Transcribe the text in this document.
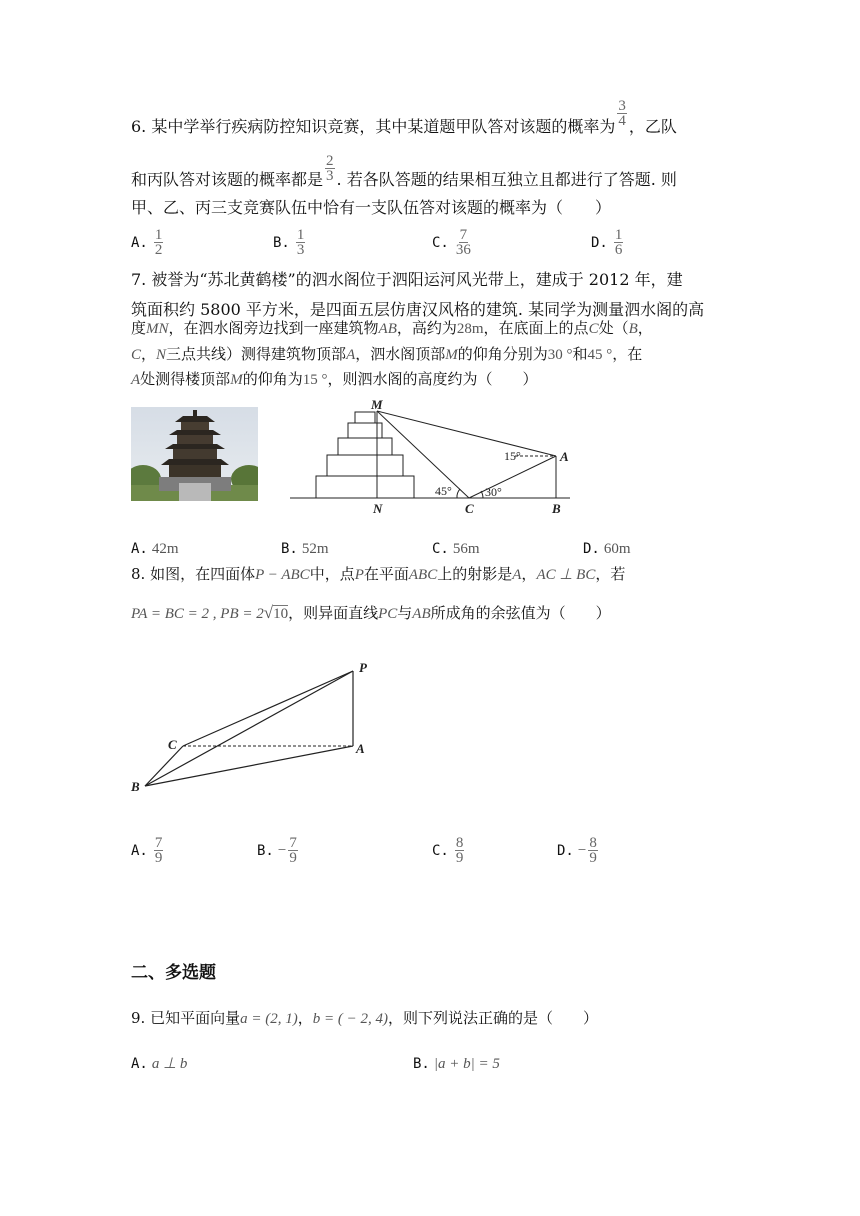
6. 某中学举行疾病防控知识竞赛，其中某道题甲队答对该题的概率为 $\frac{3}{4}$ ，乙队
和丙队答对该题的概率都是 $\frac{2}{3}$ . 若各队答题的结果相互独立且都进行了答题. 则
甲、乙、丙三支竞赛队伍中恰有一支队伍答对该题的概率为（　　）
A. $\frac{1}{2}$	B. $\frac{1}{3}$	C. $\frac{7}{36}$	D. $\frac{1}{6}$
7. 被誉为“苏北黄鹤楼”的泗水阁位于泗阳运河风光带上，建成于 2012 年，建
筑面积约 5800 平方米，是四面五层仿唐汉风格的建筑. 某同学为测量泗水阁的高
度MN，在泗水阁旁边找到一座建筑物AB，高约为28m，在底面上的点C处（B，
C，N三点共线）测得建筑物顶部A，泗水阁顶部M的仰角分别为30 °和45 °，在
A处测得楼顶部M的仰角为15 °，则泗水阁的高度约为（　　）
M
A
N	C	B
15°
45°	30°
A. 42m	B. 52m	C. 56m	D. 60m
8. 如图，在四面体P − ABC中，点P在平面ABC上的射影是A，AC ⊥ BC，若
PA = BC = 2 , PB = 2√10，则异面直线PC与AB所成角的余弦值为（　　）
P
C	A
B
A. $\frac{7}{9}$	B. − $\frac{7}{9}$	C. $\frac{8}{9}$	D. − $\frac{8}{9}$
二、多选题
9. 已知平面向量a = (2, 1)，b = ( − 2, 4)，则下列说法正确的是（　　）
A. a ⊥ b	B. |a + b| = 5
